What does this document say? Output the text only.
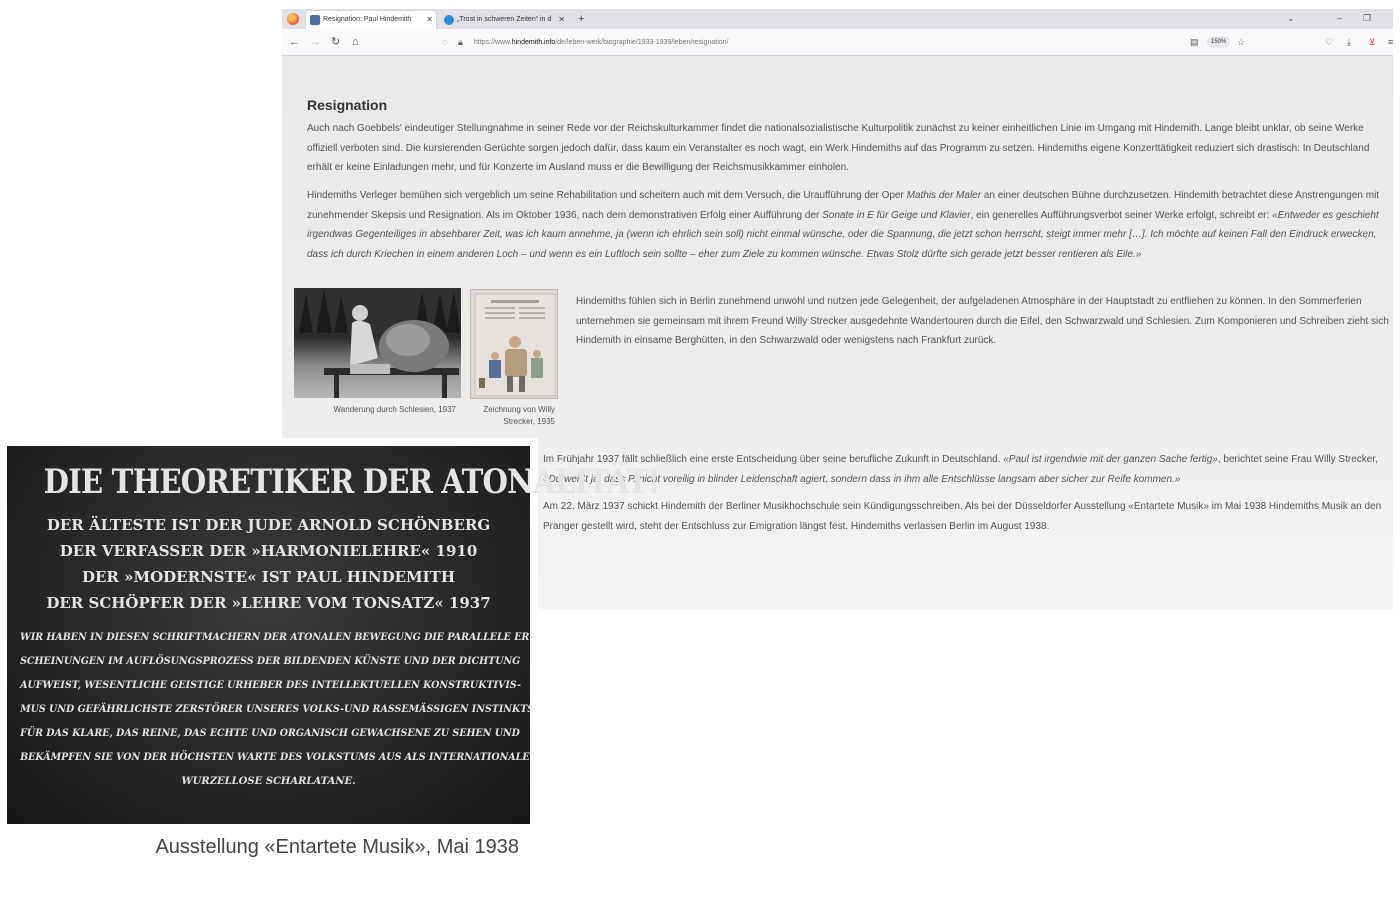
Resignation: Paul Hindemith ✕	„Trost in schweren Zeiten“ in d ✕ +	⌄	– ❐
← → ↻ ⌂	◌ 🔒︎ https://www.hindemith.info/de/leben-werk/biographie/1933-1939/leben/resignation/	▤	150%	☆	♡ ⤓ ⊻ ≡
Resignation

Auch nach Goebbels' eindeutiger Stellungnahme in seiner Rede vor der Reichskulturkammer findet die nationalsozialistische Kulturpolitik zunächst zu keiner einheitlichen Linie im Umgang mit Hindemith. Lange bleibt unklar, ob seine Werke offiziell verboten sind. Die kursierenden Gerüchte sorgen jedoch dafür, dass kaum ein Veranstalter es noch wagt, ein Werk Hindemiths auf das Programm zu setzen. Hindemiths eigene Konzerttätigkeit reduziert sich drastisch: In Deutschland erhält er keine Einladungen mehr, und für Konzerte im Ausland muss er die Bewilligung der Reichsmusikkammer einholen.

Hindemiths Verleger bemühen sich vergeblich um seine Rehabilitation und scheitern auch mit dem Versuch, die Uraufführung der Oper Mathis der Maler an einer deutschen Bühne durchzusetzen. Hindemith betrachtet diese Anstrengungen mit zunehmender Skepsis und Resignation. Als im Oktober 1936, nach dem demonstrativen Erfolg einer Aufführung der Sonate in E für Geige und Klavier, ein generelles Aufführungsverbot seiner Werke erfolgt, schreibt er: «Entweder es geschieht irgendwas Gegenteiliges in absehbarer Zeit, was ich kaum annehme, ja (wenn ich ehrlich sein soll) nicht einmal wünsche, oder die Spannung, die jetzt schon herrscht, steigt immer mehr […]. Ich möchte auf keinen Fall den Eindruck erwecken, dass ich durch Kriechen in einem anderen Loch – und wenn es ein Luftloch sein sollte – eher zum Ziele zu kommen wünsche. Etwas Stolz dürfte sich gerade jetzt besser rentieren als Eile.»

Wanderung durch Schlesien, 1937	Zeichnung von Willy Strecker, 1935

Hindemiths fühlen sich in Berlin zunehmend unwohl und nutzen jede Gelegenheit, der aufgeladenen Atmosphäre in der Hauptstadt zu entfliehen zu können. In den Sommerferien unternehmen sie gemeinsam mit ihrem Freund Willy Strecker ausgedehnte Wandertouren durch die Eifel, den Schwarzwald und Schlesien. Zum Komponieren und Schreiben zieht sich Hindemith in einsame Berghütten, in den Schwarzwald oder wenigstens nach Frankfurt zurück.

Im Frühjahr 1937 fällt schließlich eine erste Entscheidung über seine berufliche Zukunft in Deutschland. «Paul ist irgendwie mit der ganzen Sache fertig», berichtet seine Frau Willy Strecker, «Du weißt ja, dass P. nicht voreilig in blinder Leidenschaft agiert, sondern dass in ihm alle Entschlüsse langsam aber sicher zur Reife kommen.»

Am 22. März 1937 schickt Hindemith der Berliner Musikhochschule sein Kündigungsschreiben. Als bei der Düsseldorfer Ausstellung «Entartete Musik» im Mai 1938 Hindemiths Musik an den Pranger gestellt wird, steht der Entschluss zur Emigration längst fest. Hindemiths verlassen Berlin im August 1938.

DIE THEORETIKER DER ATONALITÄT!
DER ÄLTESTE IST DER JUDE ARNOLD SCHÖNBERG
DER VERFASSER DER »HARMONIELEHRE« 1910
DER »MODERNSTE« IST PAUL HINDEMITH
DER SCHÖPFER DER »LEHRE VOM TONSATZ« 1937
WIR HABEN IN DIESEN SCHRIFTMACHERN DER ATONALEN BEWEGUNG DIE PARALLELE ER-
SCHEINUNGEN IM AUFLÖSUNGSPROZESS DER BILDENDEN KÜNSTE UND DER DICHTUNG
AUFWEIST, WESENTLICHE GEISTIGE URHEBER DES INTELLEKTUELLEN KONSTRUKTIVIS-
MUS UND GEFÄHRLICHSTE ZERSTÖRER UNSERES VOLKS-UND RASSEMÄSSIGEN INSTINKTS
FÜR DAS KLARE, DAS REINE, DAS ECHTE UND ORGANISCH GEWACHSENE ZU SEHEN UND
BEKÄMPFEN SIE VON DER HÖCHSTEN WARTE DES VOLKSTUMS AUS ALS INTERNATIONALE
WURZELLOSE SCHARLATANE.
Ausstellung «Entartete Musik», Mai 1938
